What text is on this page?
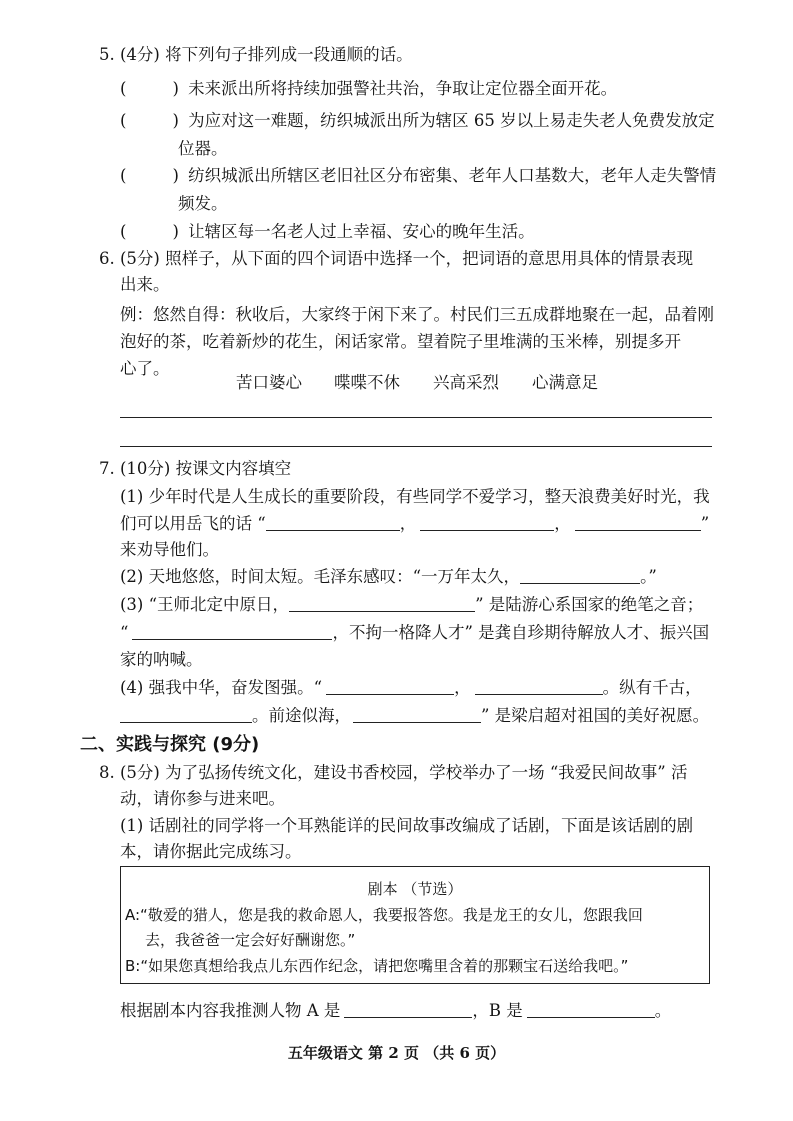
5. (4分) 将下列句子排列成一段通顺的话。
(	) 未来派出所将持续加强警社共治，争取让定位器全面开花。
(	) 为应对这一难题，纺织城派出所为辖区 65 岁以上易走失老人免费发放定
位器。
(	) 纺织城派出所辖区老旧社区分布密集、老年人口基数大，老年人走失警情
频发。
(	) 让辖区每一名老人过上幸福、安心的晚年生活。
6. (5分) 照样子，从下面的四个词语中选择一个，把词语的意思用具体的情景表现
出来。
例：悠然自得：秋收后，大家终于闲下来了。村民们三五成群地聚在一起，品着刚
泡好的茶，吃着新炒的花生，闲话家常。望着院子里堆满的玉米棒，别提多开
心了。
苦口婆心 喋喋不休 兴高采烈 心满意足
7. (10分) 按课文内容填空
(1) 少年时代是人生成长的重要阶段，有些同学不爱学习，整天浪费美好时光，我
们可以用岳飞的话 “	，	，	”
来劝导他们。
(2) 天地悠悠，时间太短。毛泽东感叹：“一万年太久，	。”
(3) “王师北定中原日，	” 是陆游心系国家的绝笔之音；
“	，不拘一格降人才” 是龚自珍期待解放人才、振兴国
家的呐喊。
(4) 强我中华，奋发图强。“	，	。纵有千古，
。前途似海，	” 是梁启超对祖国的美好祝愿。
二、实践与探究 (9分)
8. (5分) 为了弘扬传统文化，建设书香校园，学校举办了一场 “我爱民间故事” 活
动，请你参与进来吧。
(1) 话剧社的同学将一个耳熟能详的民间故事改编成了话剧，下面是该话剧的剧
本，请你据此完成练习。
剧本 （节选）
A:“敬爱的猎人，您是我的救命恩人，我要报答您。我是龙王的女儿，您跟我回
去，我爸爸一定会好好酬谢您。”
B:“如果您真想给我点儿东西作纪念，请把您嘴里含着的那颗宝石送给我吧。”
根据剧本内容我推测人物 A 是	，B 是	。
五年级语文 第 2 页 （共 6 页）
